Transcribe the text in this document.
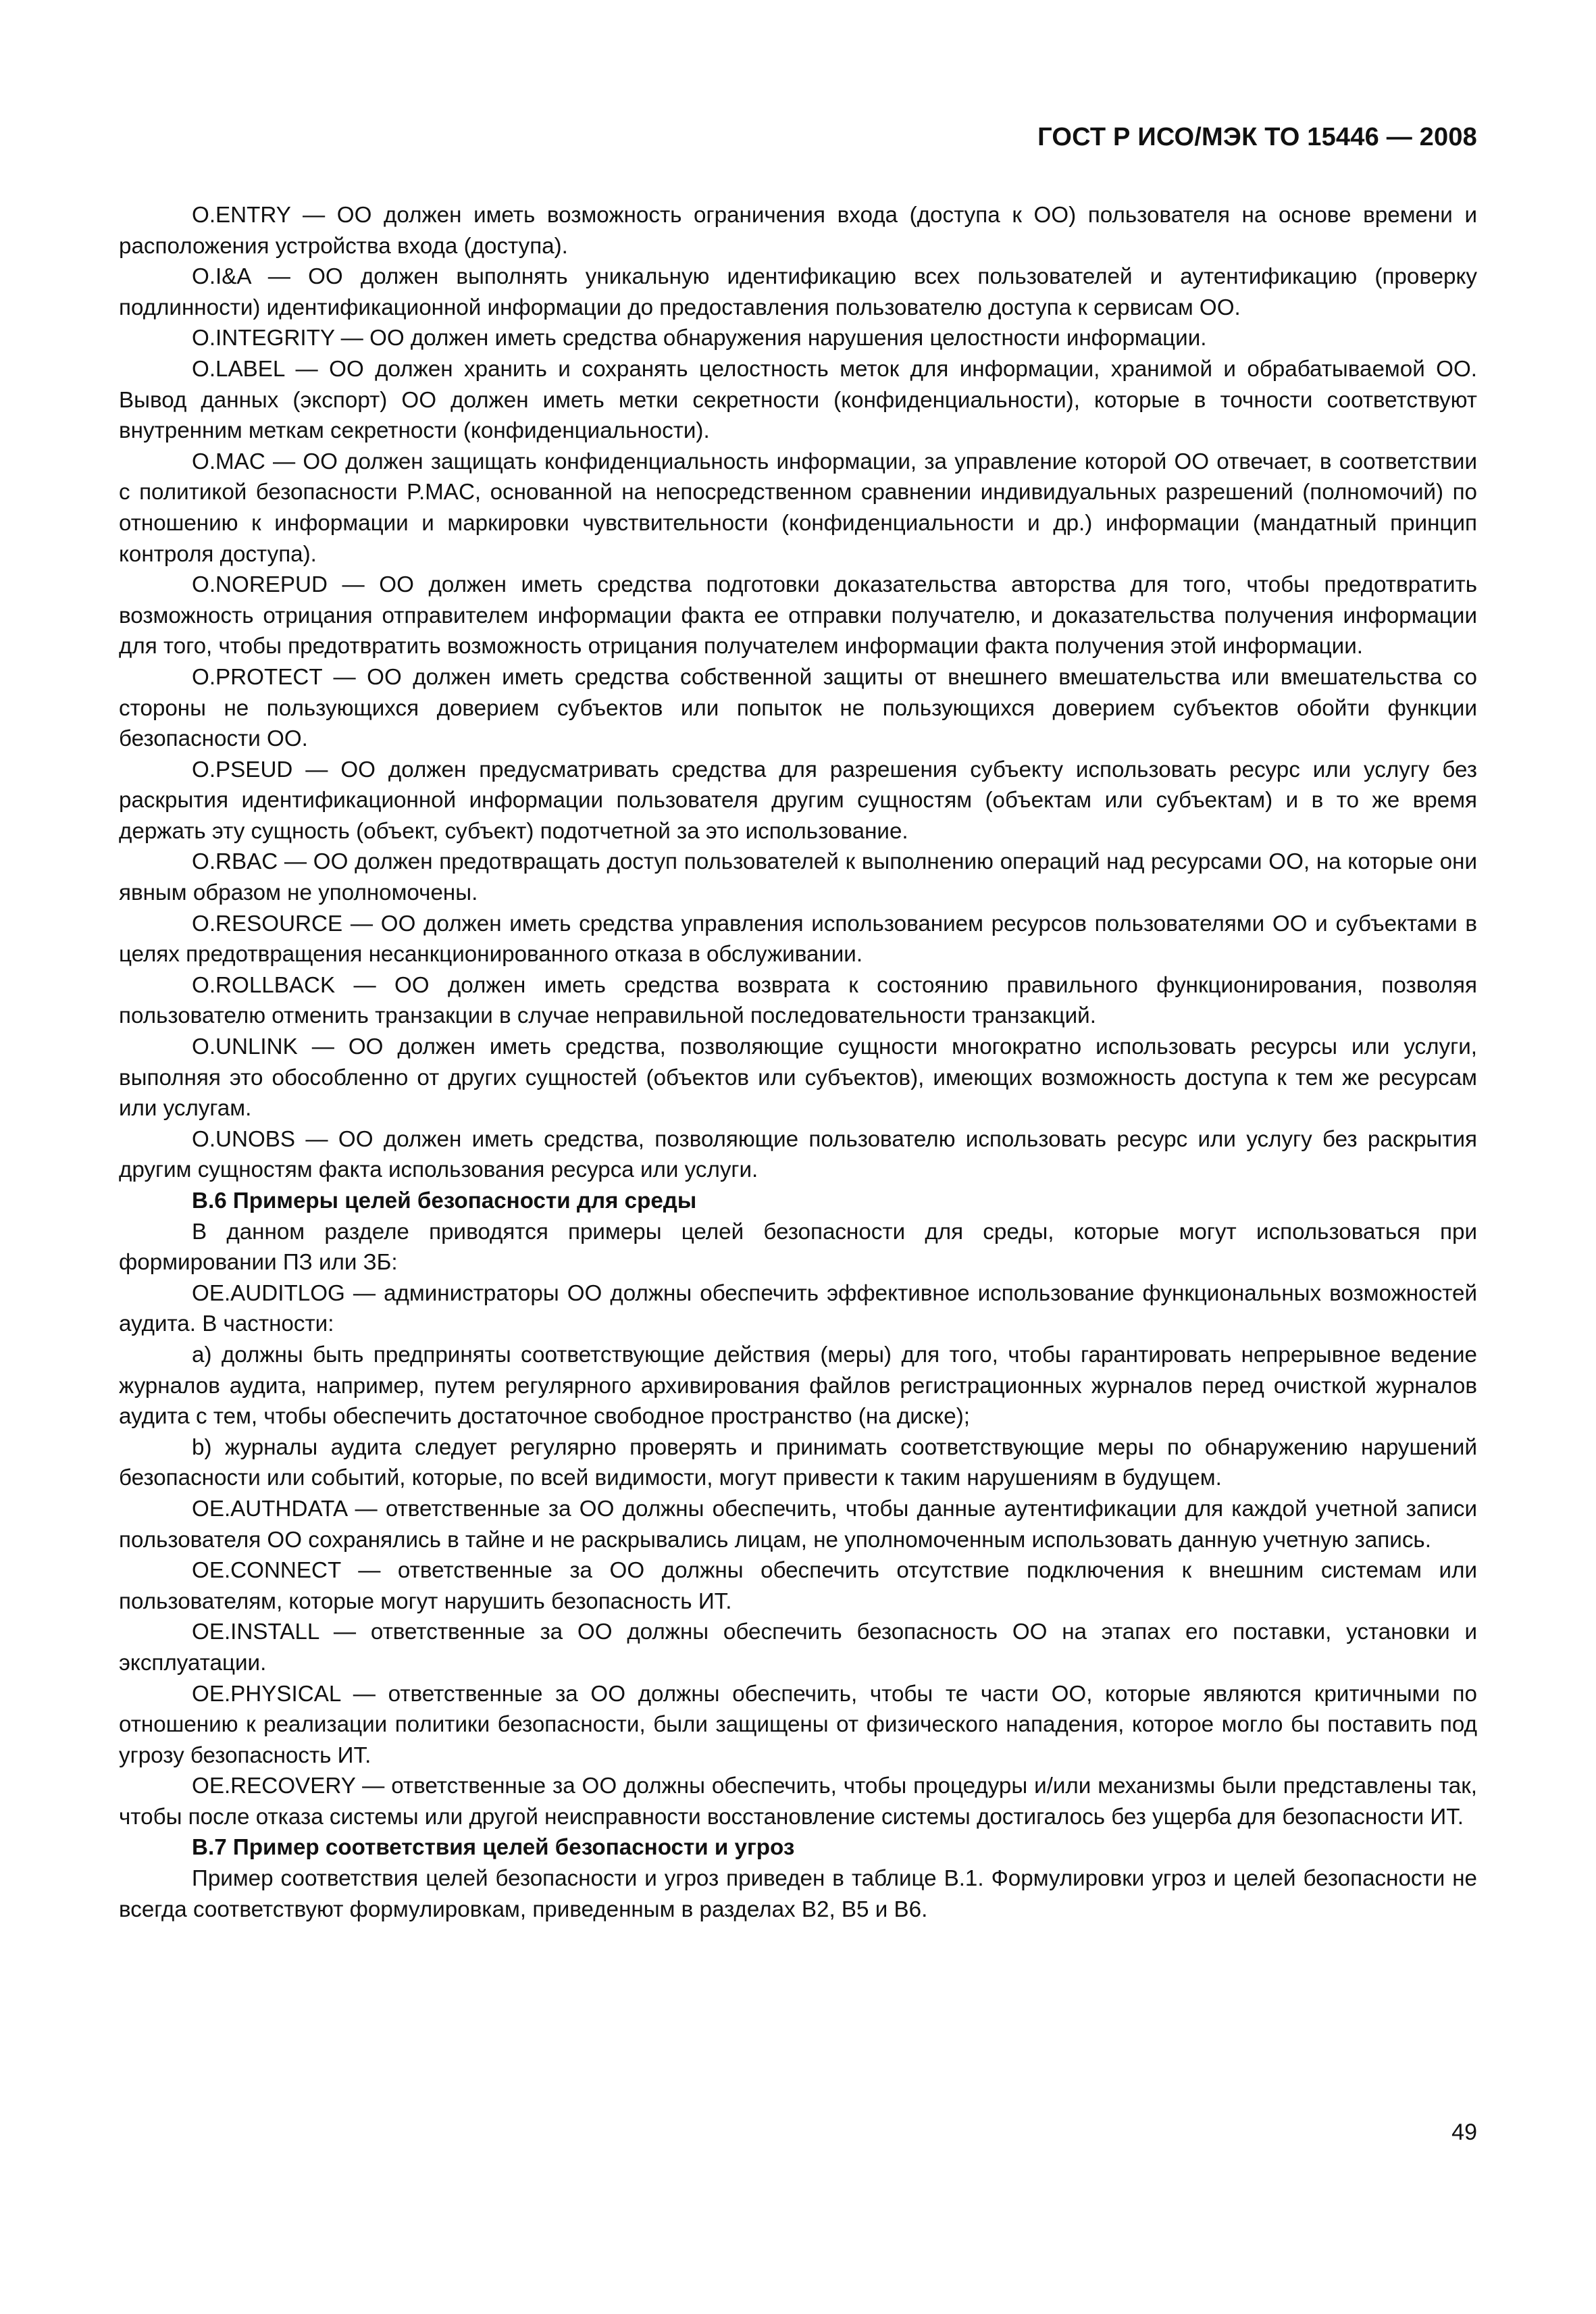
ГОСТ Р ИСО/МЭК ТО 15446 — 2008

O.ENTRY — ОО должен иметь возможность ограничения входа (доступа к ОО) пользователя на основе времени и расположения устройства входа (доступа).

O.I&A — ОО должен выполнять уникальную идентификацию всех пользователей и аутентификацию (проверку подлинности) идентификационной информации до предоставления пользователю доступа к сервисам ОО.

O.INTEGRITY — ОО должен иметь средства обнаружения нарушения целостности информации.

O.LABEL — ОО должен хранить и сохранять целостность меток для информации, хранимой и обрабатываемой ОО. Вывод данных (экспорт) ОО должен иметь метки секретности (конфиденциальности), которые в точности соответствуют внутренним меткам секретности (конфиденциальности).

O.MAC — ОО должен защищать конфиденциальность информации, за управление которой ОО отвечает, в соответствии с политикой безопасности P.MAC, основанной на непосредственном сравнении индивидуальных разрешений (полномочий) по отношению к информации и маркировки чувствительности (конфиденциальности и др.) информации (мандатный принцип контроля доступа).

O.NOREPUD — ОО должен иметь средства подготовки доказательства авторства для того, чтобы предотвратить возможность отрицания отправителем информации факта ее отправки получателю, и доказательства получения информации для того, чтобы предотвратить возможность отрицания получателем информации факта получения этой информации.

O.PROTECT — ОО должен иметь средства собственной защиты от внешнего вмешательства или вмешательства со стороны не пользующихся доверием субъектов или попыток не пользующихся доверием субъектов обойти функции безопасности ОО.

O.PSEUD — ОО должен предусматривать средства для разрешения субъекту использовать ресурс или услугу без раскрытия идентификационной информации пользователя другим сущностям (объектам или субъектам) и в то же время держать эту сущность (объект, субъект) подотчетной за это использование.

O.RBAC — ОО должен предотвращать доступ пользователей к выполнению операций над ресурсами ОО, на которые они явным образом не уполномочены.

O.RESOURCE — ОО должен иметь средства управления использованием ресурсов пользователями ОО и субъектами в целях предотвращения несанкционированного отказа в обслуживании.

O.ROLLBACK — ОО должен иметь средства возврата к состоянию правильного функционирования, позволяя пользователю отменить транзакции в случае неправильной последовательности транзакций.

O.UNLINK — ОО должен иметь средства, позволяющие сущности многократно использовать ресурсы или услуги, выполняя это обособленно от других сущностей (объектов или субъектов), имеющих возможность доступа к тем же ресурсам или услугам.

O.UNOBS — ОО должен иметь средства, позволяющие пользователю использовать ресурс или услугу без раскрытия другим сущностям факта использования ресурса или услуги.

B.6 Примеры целей безопасности для среды

В данном разделе приводятся примеры целей безопасности для среды, которые могут использоваться при формировании ПЗ или ЗБ:

OE.AUDITLOG — администраторы ОО должны обеспечить эффективное использование функциональных возможностей аудита. В частности:

a) должны быть предприняты соответствующие действия (меры) для того, чтобы гарантировать непрерывное ведение журналов аудита, например, путем регулярного архивирования файлов регистрационных журналов перед очисткой журналов аудита с тем, чтобы обеспечить достаточное свободное пространство (на диске);

b) журналы аудита следует регулярно проверять и принимать соответствующие меры по обнаружению нарушений безопасности или событий, которые, по всей видимости, могут привести к таким нарушениям в будущем.

OE.AUTHDATA — ответственные за ОО должны обеспечить, чтобы данные аутентификации для каждой учетной записи пользователя ОО сохранялись в тайне и не раскрывались лицам, не уполномоченным использовать данную учетную запись.

OE.CONNECT — ответственные за ОО должны обеспечить отсутствие подключения к внешним системам или пользователям, которые могут нарушить безопасность ИТ.

OE.INSTALL — ответственные за ОО должны обеспечить безопасность ОО на этапах его поставки, установки и эксплуатации.

OE.PHYSICAL — ответственные за ОО должны обеспечить, чтобы те части ОО, которые являются критичными по отношению к реализации политики безопасности, были защищены от физического нападения, которое могло бы поставить под угрозу безопасность ИТ.

OE.RECOVERY — ответственные за ОО должны обеспечить, чтобы процедуры и/или механизмы были представлены так, чтобы после отказа системы или другой неисправности восстановление системы достигалось без ущерба для безопасности ИТ.

B.7 Пример соответствия целей безопасности и угроз

Пример соответствия целей безопасности и угроз приведен в таблице B.1. Формулировки угроз и целей безопасности не всегда соответствуют формулировкам, приведенным в разделах B2, B5 и B6.

49
